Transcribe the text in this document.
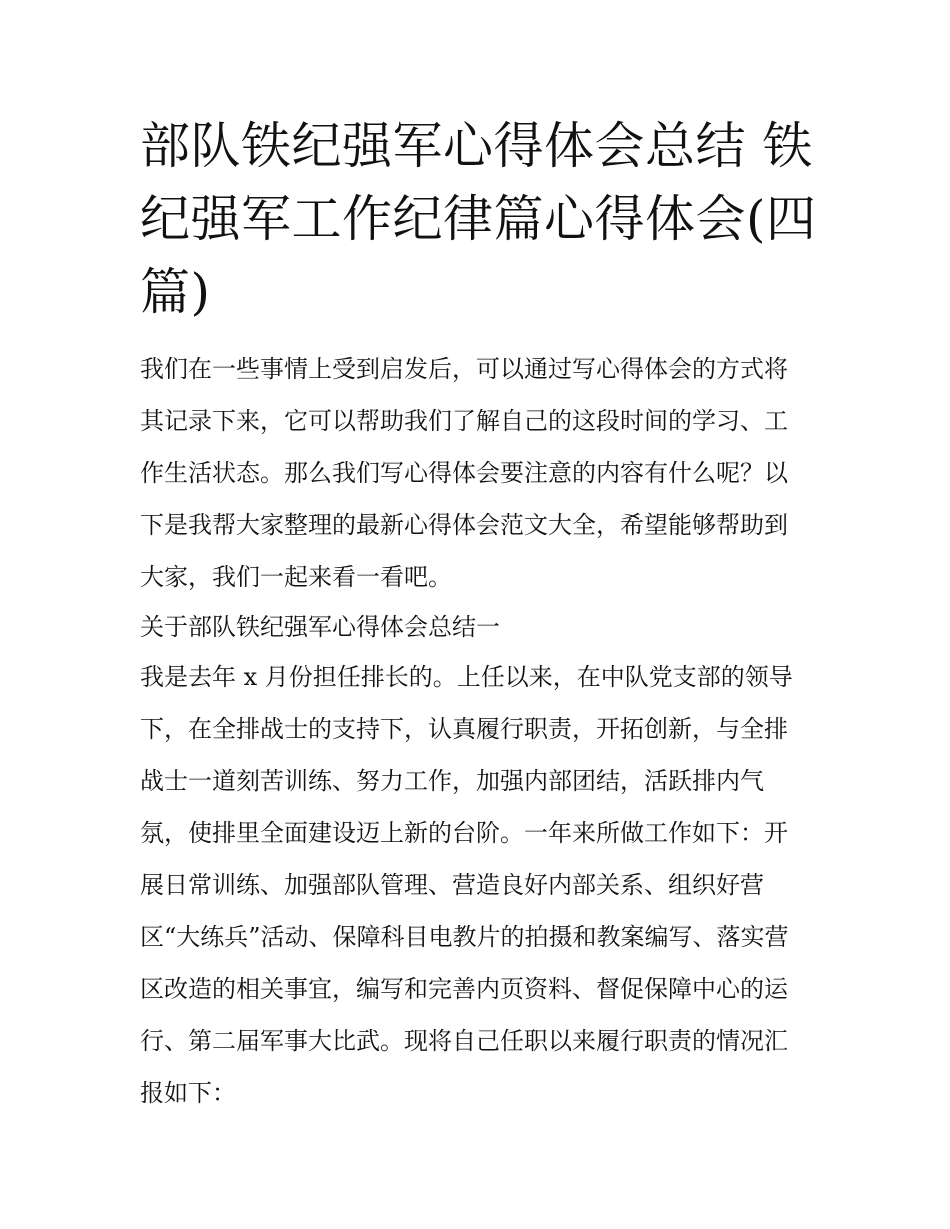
部队铁纪强军心得体会总结 铁
纪强军工作纪律篇心得体会(四
篇)
我们在一些事情上受到启发后，可以通过写心得体会的方式将
其记录下来，它可以帮助我们了解自己的这段时间的学习、工
作生活状态。那么我们写心得体会要注意的内容有什么呢？以
下是我帮大家整理的最新心得体会范文大全，希望能够帮助到
大家，我们一起来看一看吧。
关于部队铁纪强军心得体会总结一
我是去年 x 月份担任排长的。上任以来，在中队党支部的领导
下，在全排战士的支持下，认真履行职责，开拓创新，与全排
战士一道刻苦训练、努力工作，加强内部团结，活跃排内气
氛，使排里全面建设迈上新的台阶。一年来所做工作如下：开
展日常训练、加强部队管理、营造良好内部关系、组织好营
区“大练兵”活动、保障科目电教片的拍摄和教案编写、落实营
区改造的相关事宜，编写和完善内页资料、督促保障中心的运
行、第二届军事大比武。现将自己任职以来履行职责的情况汇
报如下：
